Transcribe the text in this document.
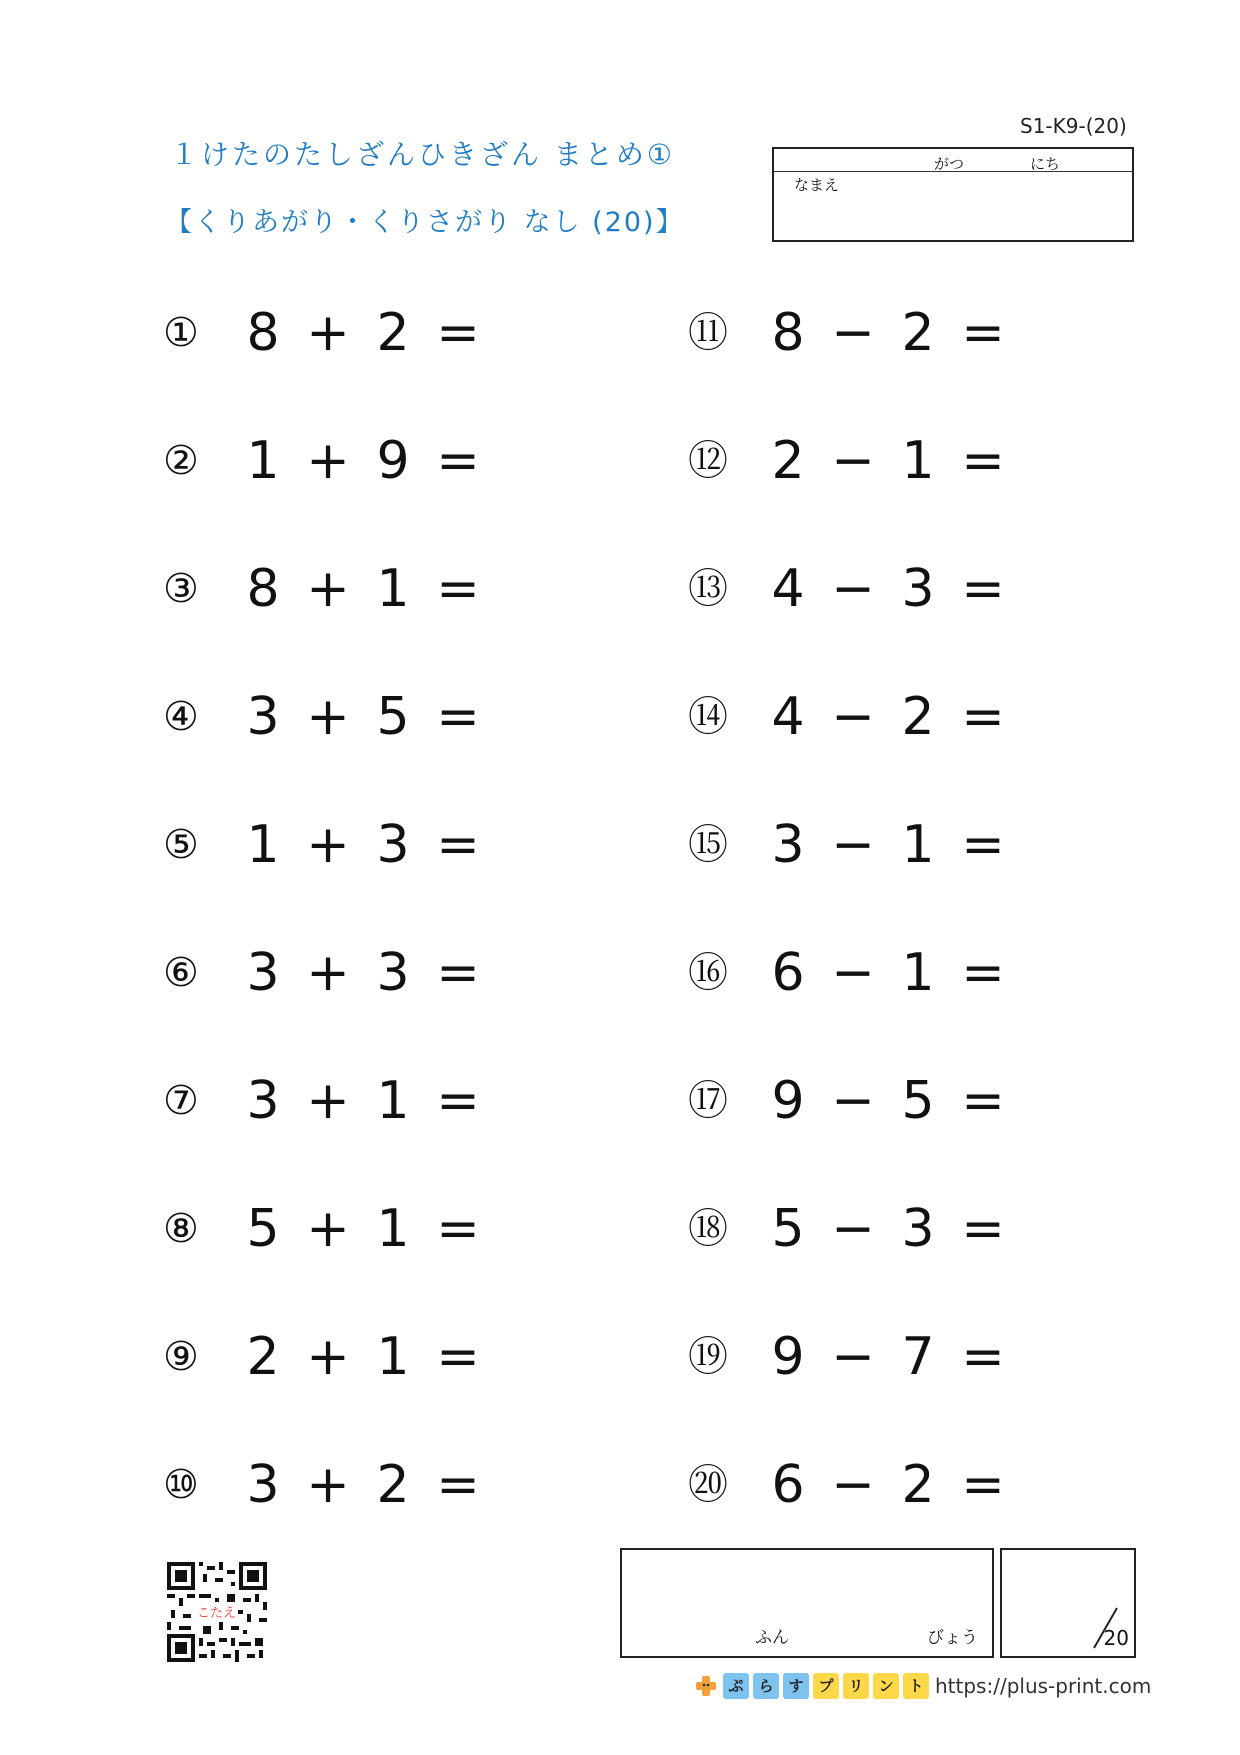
１けたのたしざんひきざん まとめ①
【くりあがり・くりさがり なし (20)】
S1-K9-(20)
がつ	にち
なまえ
① 8 + 2 =
② 1 + 9 =
③ 8 + 1 =
④ 3 + 5 =
⑤ 1 + 3 =
⑥ 3 + 3 =
⑦ 3 + 1 =
⑧ 5 + 1 =
⑨ 2 + 1 =
⑩ 3 + 2 =
⑪ 8 − 2 =
⑫ 2 − 1 =
⑬ 4 − 3 =
⑭ 4 − 2 =
⑮ 3 − 1 =
⑯ 6 − 1 =
⑰ 9 − 5 =
⑱ 5 − 3 =
⑲ 9 − 7 =
⑳ 6 − 2 =
こたえ
ふん	びょう	20
ぷ ら す プ リ ン ト https://plus-print.com
